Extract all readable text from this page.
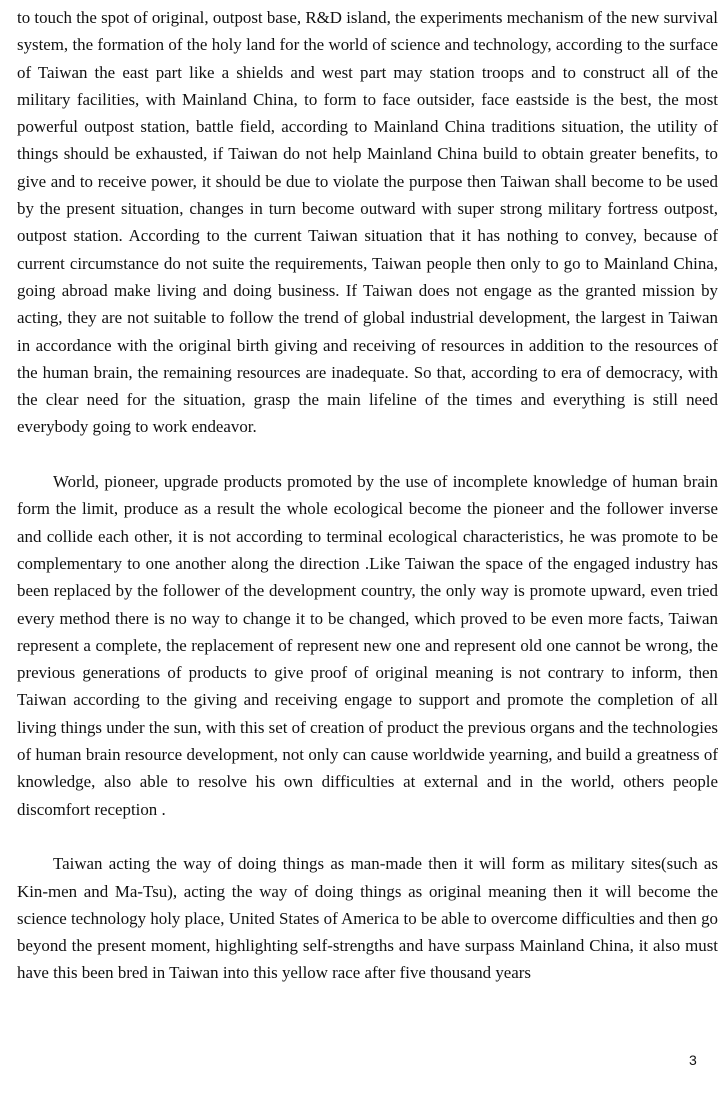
to touch the spot of original, outpost base, R&D island, the experiments mechanism of the new survival system, the formation of the holy land for the world of science and technology, according to the surface of Taiwan the east part like a shields and west part may station troops and to construct all of the military facilities, with Mainland China, to form to face outsider, face eastside is the best, the most powerful outpost station, battle field, according to Mainland China traditions situation, the utility of things should be exhausted, if Taiwan do not help Mainland China build to obtain greater benefits, to give and to receive power, it should be due to violate the purpose then Taiwan shall become to be used by the present situation, changes in turn become outward with super strong military fortress outpost, outpost station. According to the current Taiwan situation that it has nothing to convey, because of current circumstance do not suite the requirements, Taiwan people then only to go to Mainland China, going abroad make living and doing business. If Taiwan does not engage as the granted mission by acting, they are not suitable to follow the trend of global industrial development, the largest in Taiwan in accordance with the original birth giving and receiving of resources in addition to the resources of the human brain, the remaining resources are inadequate. So that, according to era of democracy, with the clear need for the situation, grasp the main lifeline of the times and everything is still need everybody going to work endeavor.

World, pioneer, upgrade products promoted by the use of incomplete knowledge of human brain form the limit, produce as a result the whole ecological become the pioneer and the follower inverse and collide each other, it is not according to terminal ecological characteristics, he was promote to be complementary to one another along the direction .Like Taiwan the space of the engaged industry has been replaced by the follower of the development country, the only way is promote upward, even tried every method there is no way to change it to be changed, which proved to be even more facts, Taiwan represent a complete, the replacement of represent new one and represent old one cannot be wrong, the previous generations of products to give proof of original meaning is not contrary to inform, then Taiwan according to the giving and receiving engage to support and promote the completion of all living things under the sun, with this set of creation of product the previous organs and the technologies of human brain resource development, not only can cause worldwide yearning, and build a greatness of knowledge, also able to resolve his own difficulties at external and in the world, others people discomfort reception .

Taiwan acting the way of doing things as man-made then it will form as military sites(such as Kin-men and Ma-Tsu), acting the way of doing things as original meaning then it will become the science technology holy place, United States of America to be able to overcome difficulties and then go beyond the present moment, highlighting self-strengths and have surpass Mainland China, it also must have this been bred in Taiwan into this yellow race after five thousand years

3
